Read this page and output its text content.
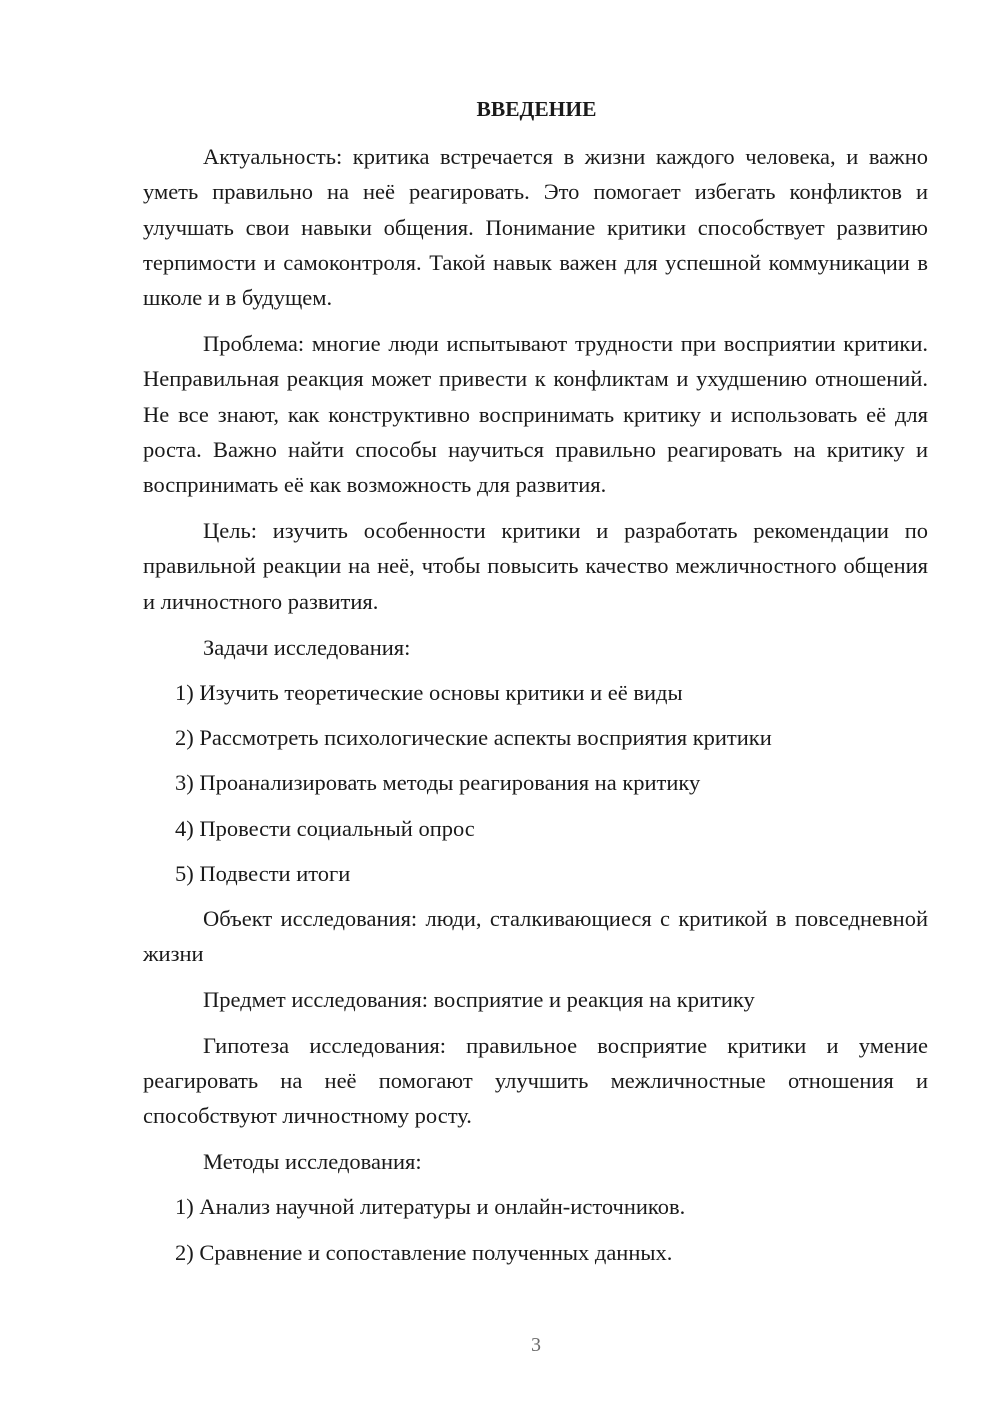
ВВЕДЕНИЕ

Актуальность: критика встречается в жизни каждого человека, и важно уметь правильно на неё реагировать. Это помогает избегать конфликтов и улучшать свои навыки общения. Понимание критики способствует развитию терпимости и самоконтроля. Такой навык важен для успешной коммуникации в школе и в будущем.

Проблема: многие люди испытывают трудности при восприятии критики. Неправильная реакция может привести к конфликтам и ухудшению отношений. Не все знают, как конструктивно воспринимать критику и использовать её для роста. Важно найти способы научиться правильно реагировать на критику и воспринимать её как возможность для развития.

Цель: изучить особенности критики и разработать рекомендации по правильной реакции на неё, чтобы повысить качество межличностного общения и личностного развития.

Задачи исследования:

1) Изучить теоретические основы критики и её виды
2) Рассмотреть психологические аспекты восприятия критики
3) Проанализировать методы реагирования на критику
4) Провести социальный опрос
5) Подвести итоги

Объект исследования: люди, сталкивающиеся с критикой в повседневной жизни

Предмет исследования: восприятие и реакция на критику

Гипотеза исследования: правильное восприятие критики и умение реагировать на неё помогают улучшить межличностные отношения и способствуют личностному росту.

Методы исследования:

1) Анализ научной литературы и онлайн-источников.
2) Сравнение и сопоставление полученных данных.
3
